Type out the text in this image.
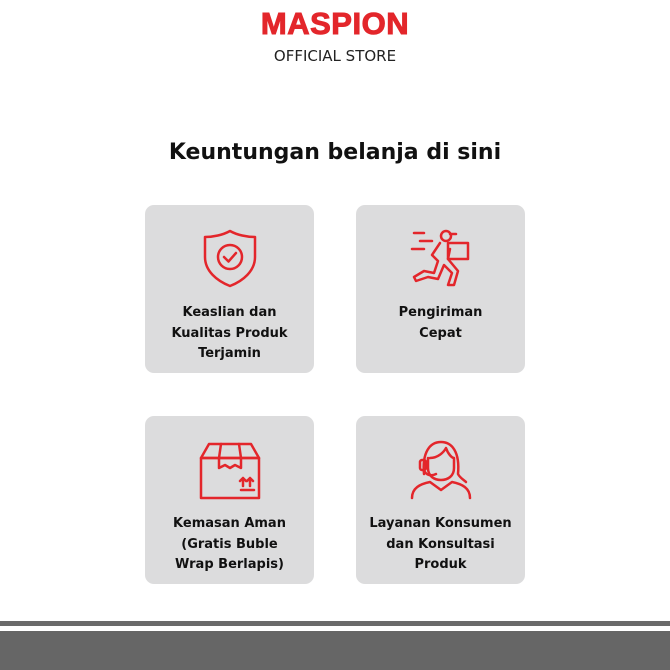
MASPION
OFFICIAL STORE
Keuntungan belanja di sini
Keaslian dan
Kualitas Produk
Terjamin
Pengiriman
Cepat
Kemasan Aman
(Gratis Buble
Wrap Berlapis)
Layanan Konsumen
dan Konsultasi
Produk
